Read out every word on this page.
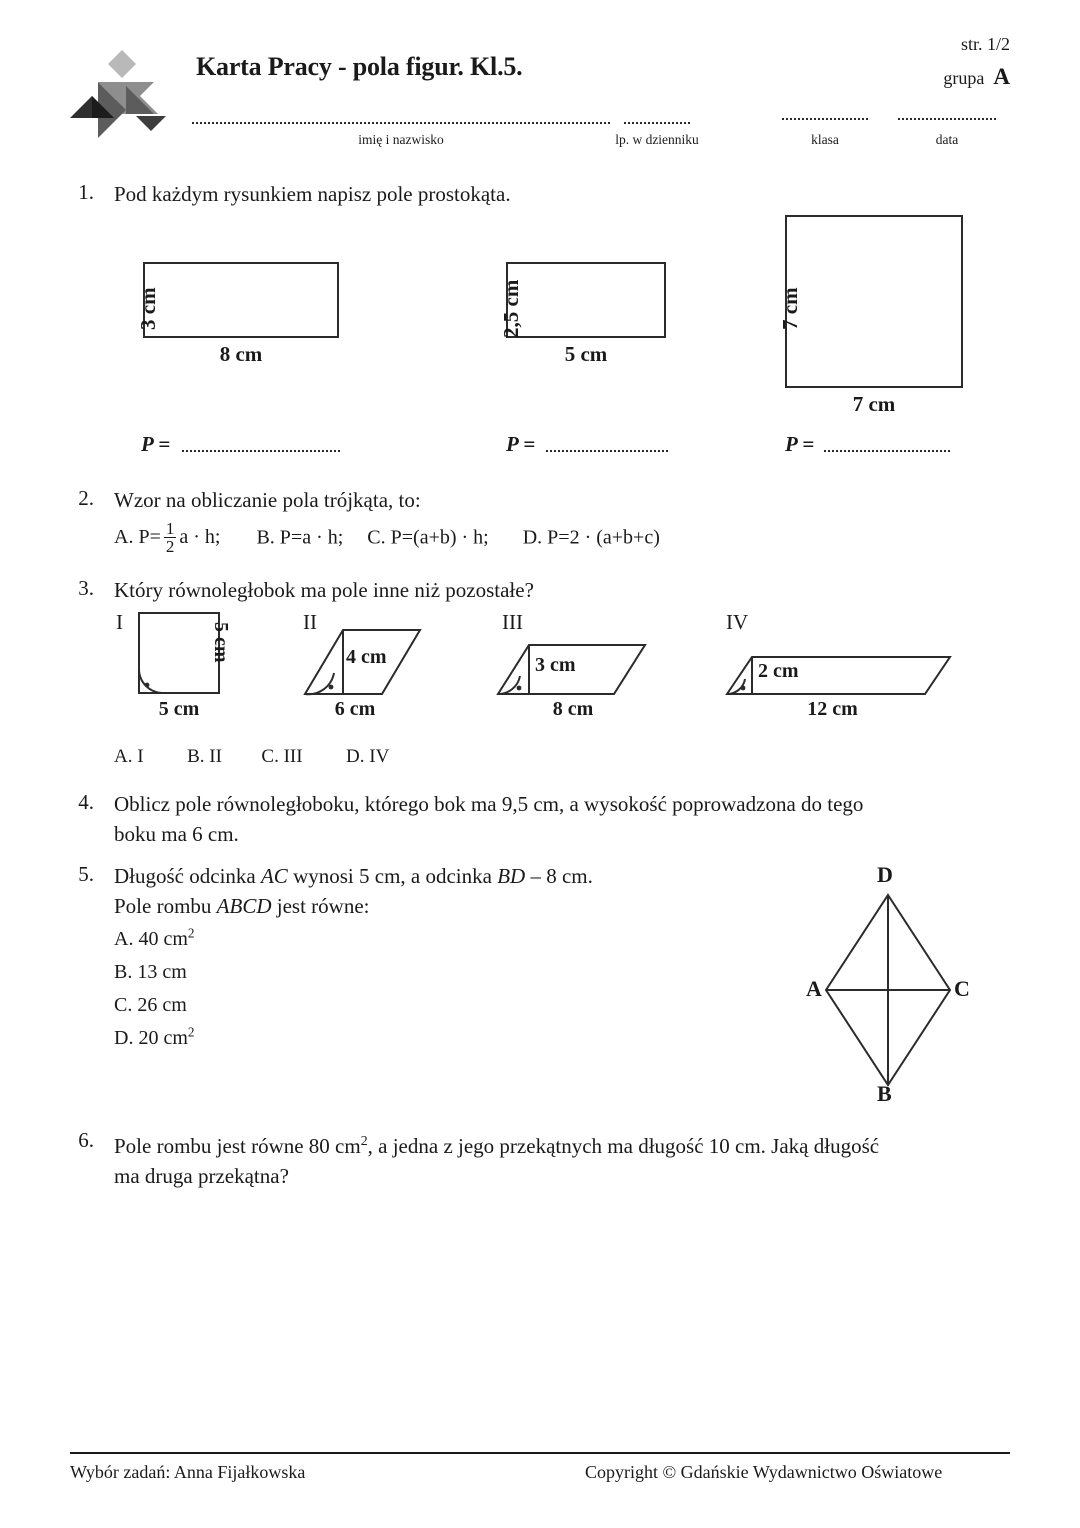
Karta Pracy - pola figur. Kl.5.
str. 1/2
grupa A
imię i nazwisko	lp. w dzienniku	klasa	data
1. Pod każdym rysunkiem napisz pole prostokąta.
3 cm
8 cm
2,5 cm
5 cm
7 cm
7 cm
P =	P =	P =
2. Wzor na obliczanie pola trójkąta, to:
A. $P= \frac{1}{2}$ a · h; B. P=a · h; C. P=(a+b) · h; D. P=2 · (a+b+c)
3. Który równoległobok ma pole inne niż pozostałe?
I	5 cm
5 cm
II
4 cm
6 cm
III
3 cm
8 cm
IV
2 cm
12 cm
A. I B. II C. III D. IV
4. Oblicz pole równoległoboku, którego bok ma 9,5 cm, a wysokość poprowadzona do tego
boku ma 6 cm.
5. Długość odcinka AC wynosi 5 cm, a odcinka BD – 8 cm.
Pole rombu ABCD jest równe:
A. 40 $cm^2$
B. 13 cm
C. 26 cm
D. 20 $cm^2$
D
B
A	C
6. Pole rombu jest równe 80 $cm^2$, a jedna z jego przekątnych ma długość 10 cm. Jaką długość
ma druga przekątna?
Wybór zadań: Anna Fijałkowska	Copyright © Gdańskie Wydawnictwo Oświatowe
